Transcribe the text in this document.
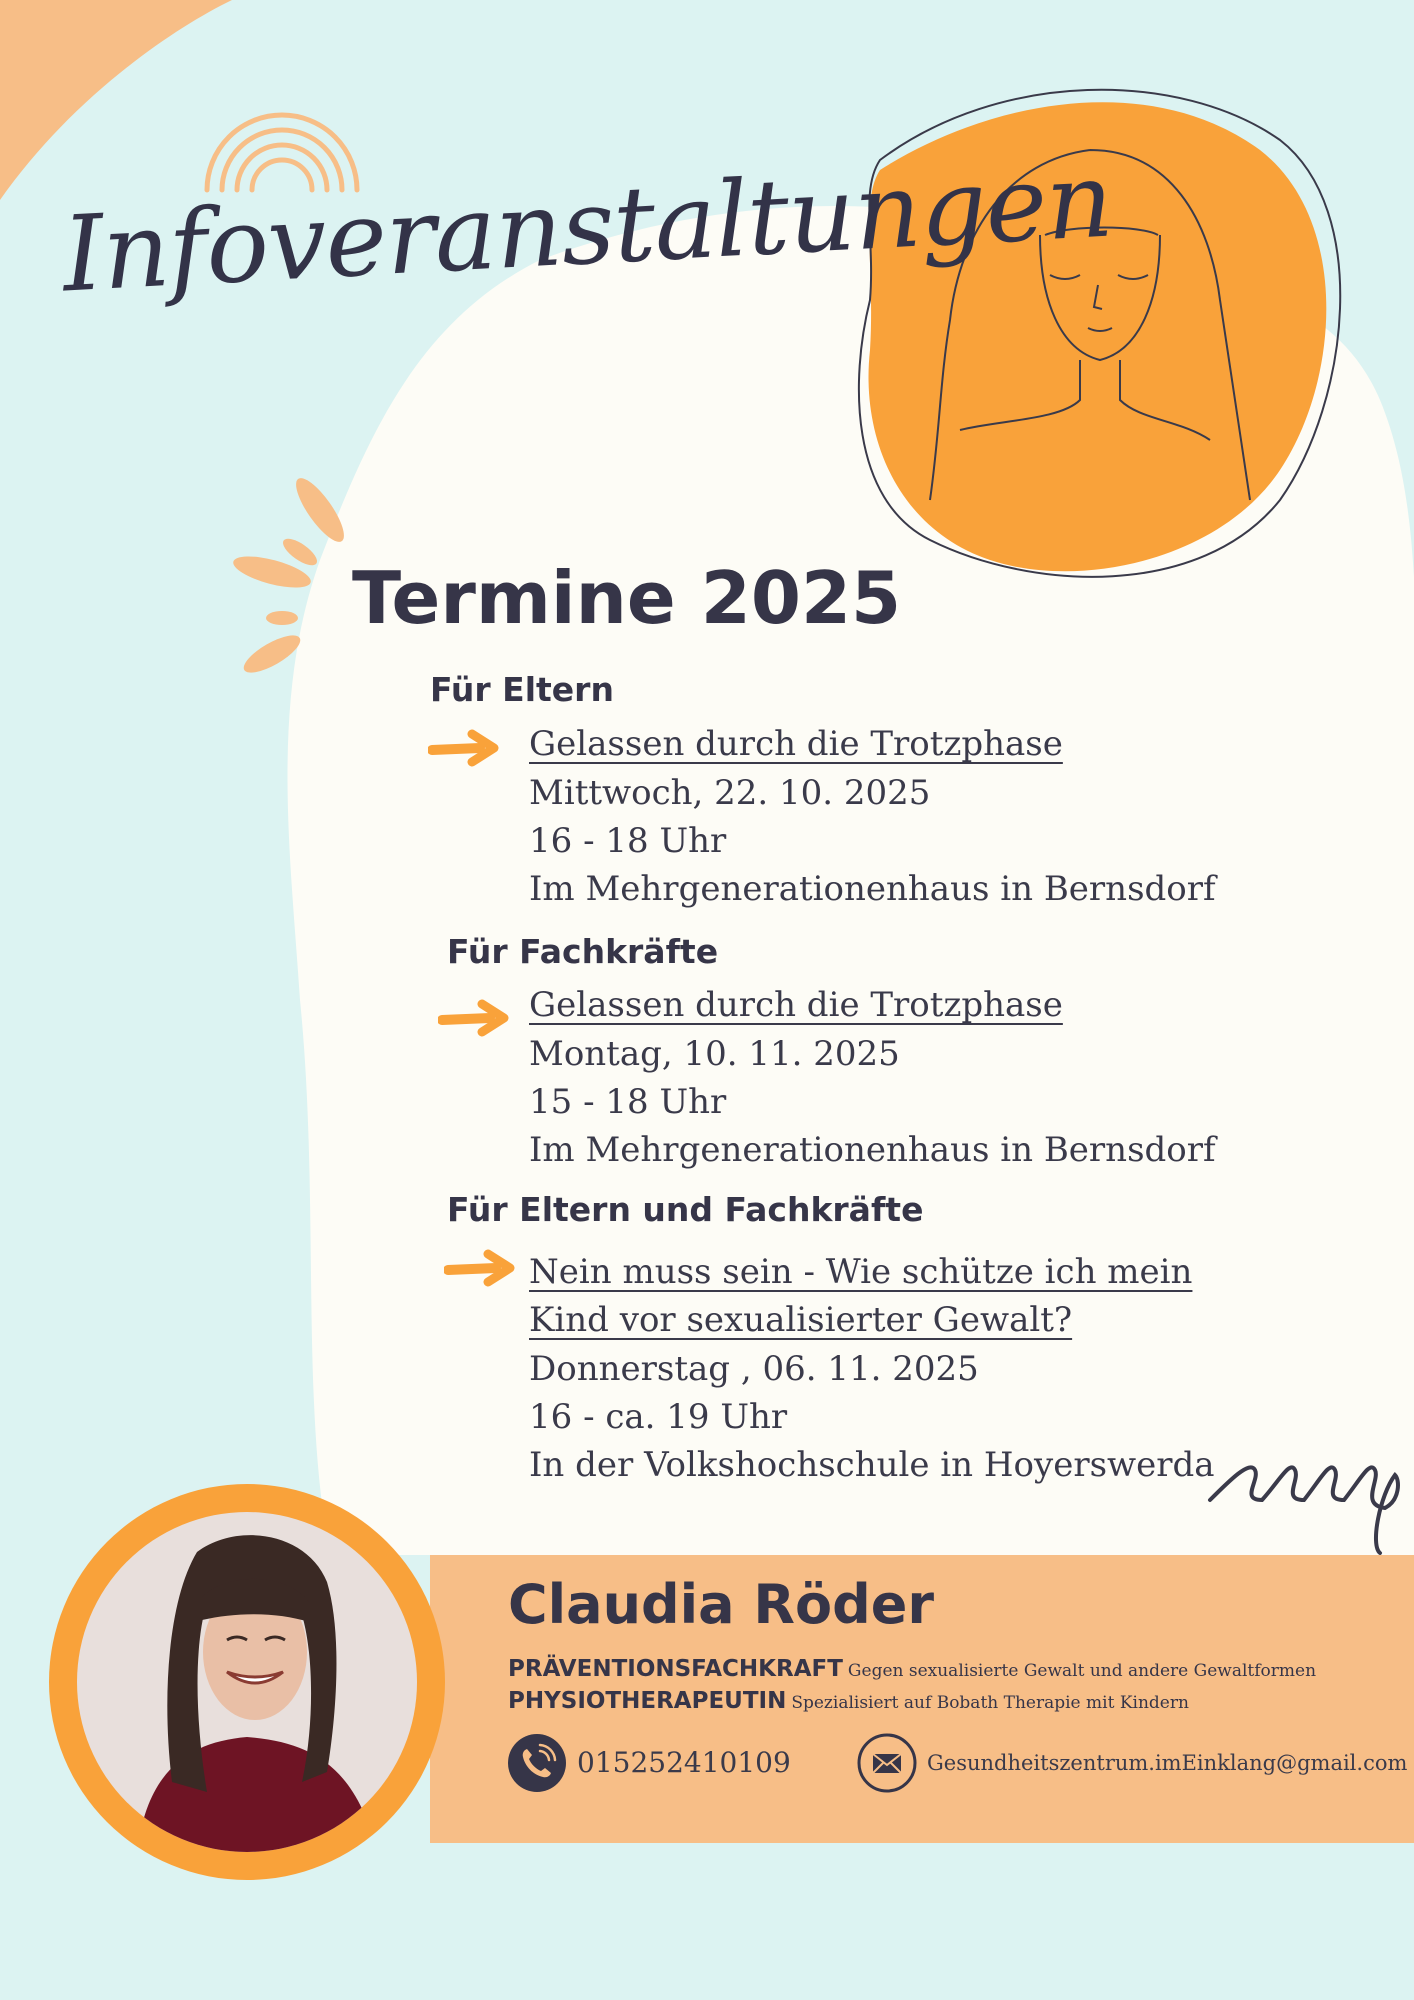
Infoveranstaltungen
Termine 2025
Für Eltern
Gelassen durch die Trotzphase
Mittwoch, 22. 10. 2025
16 - 18 Uhr
Im Mehrgenerationenhaus in Bernsdorf
Für Fachkräfte
Gelassen durch die Trotzphase
Montag, 10. 11. 2025
15 - 18 Uhr
Im Mehrgenerationenhaus in Bernsdorf
Für Eltern und Fachkräfte
Nein muss sein - Wie schütze ich mein
Kind vor sexualisierter Gewalt?
Donnerstag , 06. 11. 2025
16 - ca. 19 Uhr
In der Volkshochschule in Hoyerswerda
Claudia Röder
PRÄVENTIONSFACHKRAFT Gegen sexualisierte Gewalt und andere Gewaltformen
PHYSIOTHERAPEUTIN Spezialisiert auf Bobath Therapie mit Kindern
015252410109	Gesundheitszentrum.imEinklang@gmail.com
